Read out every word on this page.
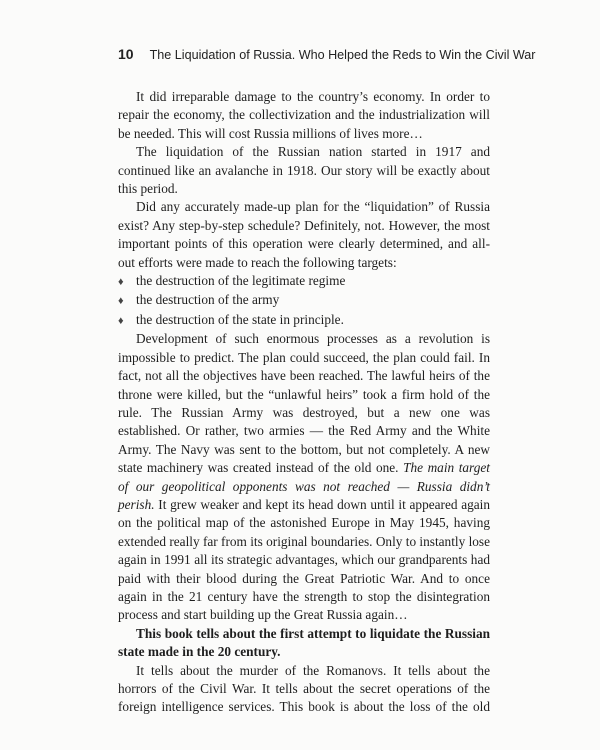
10 The Liquidation of Russia. Who Helped the Reds to Win the Civil War

It did irreparable damage to the country’s economy. In order to repair the economy, the collectivization and the industrialization will be needed. This will cost Russia millions of lives more…

The liquidation of the Russian nation started in 1917 and continued like an avalanche in 1918. Our story will be exactly about this period.

Did any accurately made-up plan for the “liquidation” of Russia exist? Any step-by-step schedule? Definitely, not. However, the most important points of this operation were clearly determined, and all-out efforts were made to reach the following targets:

♦ the destruction of the legitimate regime
♦ the destruction of the army
♦ the destruction of the state in principle.

Development of such enormous processes as a revolution is impossible to predict. The plan could succeed, the plan could fail. In fact, not all the objectives have been reached. The lawful heirs of the throne were killed, but the “unlawful heirs” took a firm hold of the rule. The Russian Army was destroyed, but a new one was established. Or rather, two armies — the Red Army and the White Army. The Navy was sent to the bottom, but not completely. A new state machinery was created instead of the old one. The main target of our geopolitical opponents was not reached — Russia didn’t perish. It grew weaker and kept its head down until it appeared again on the political map of the astonished Europe in May 1945, having extended really far from its original boundaries. Only to instantly lose again in 1991 all its strategic advantages, which our grandparents had paid with their blood during the Great Patriotic War. And to once again in the 21 century have the strength to stop the disintegration process and start building up the Great Russia again…

This book tells about the first attempt to liquidate the Russian state made in the 20 century.

It tells about the murder of the Romanovs. It tells about the horrors of the Civil War. It tells about the secret operations of the foreign intelligence services. This book is about the loss of the old
